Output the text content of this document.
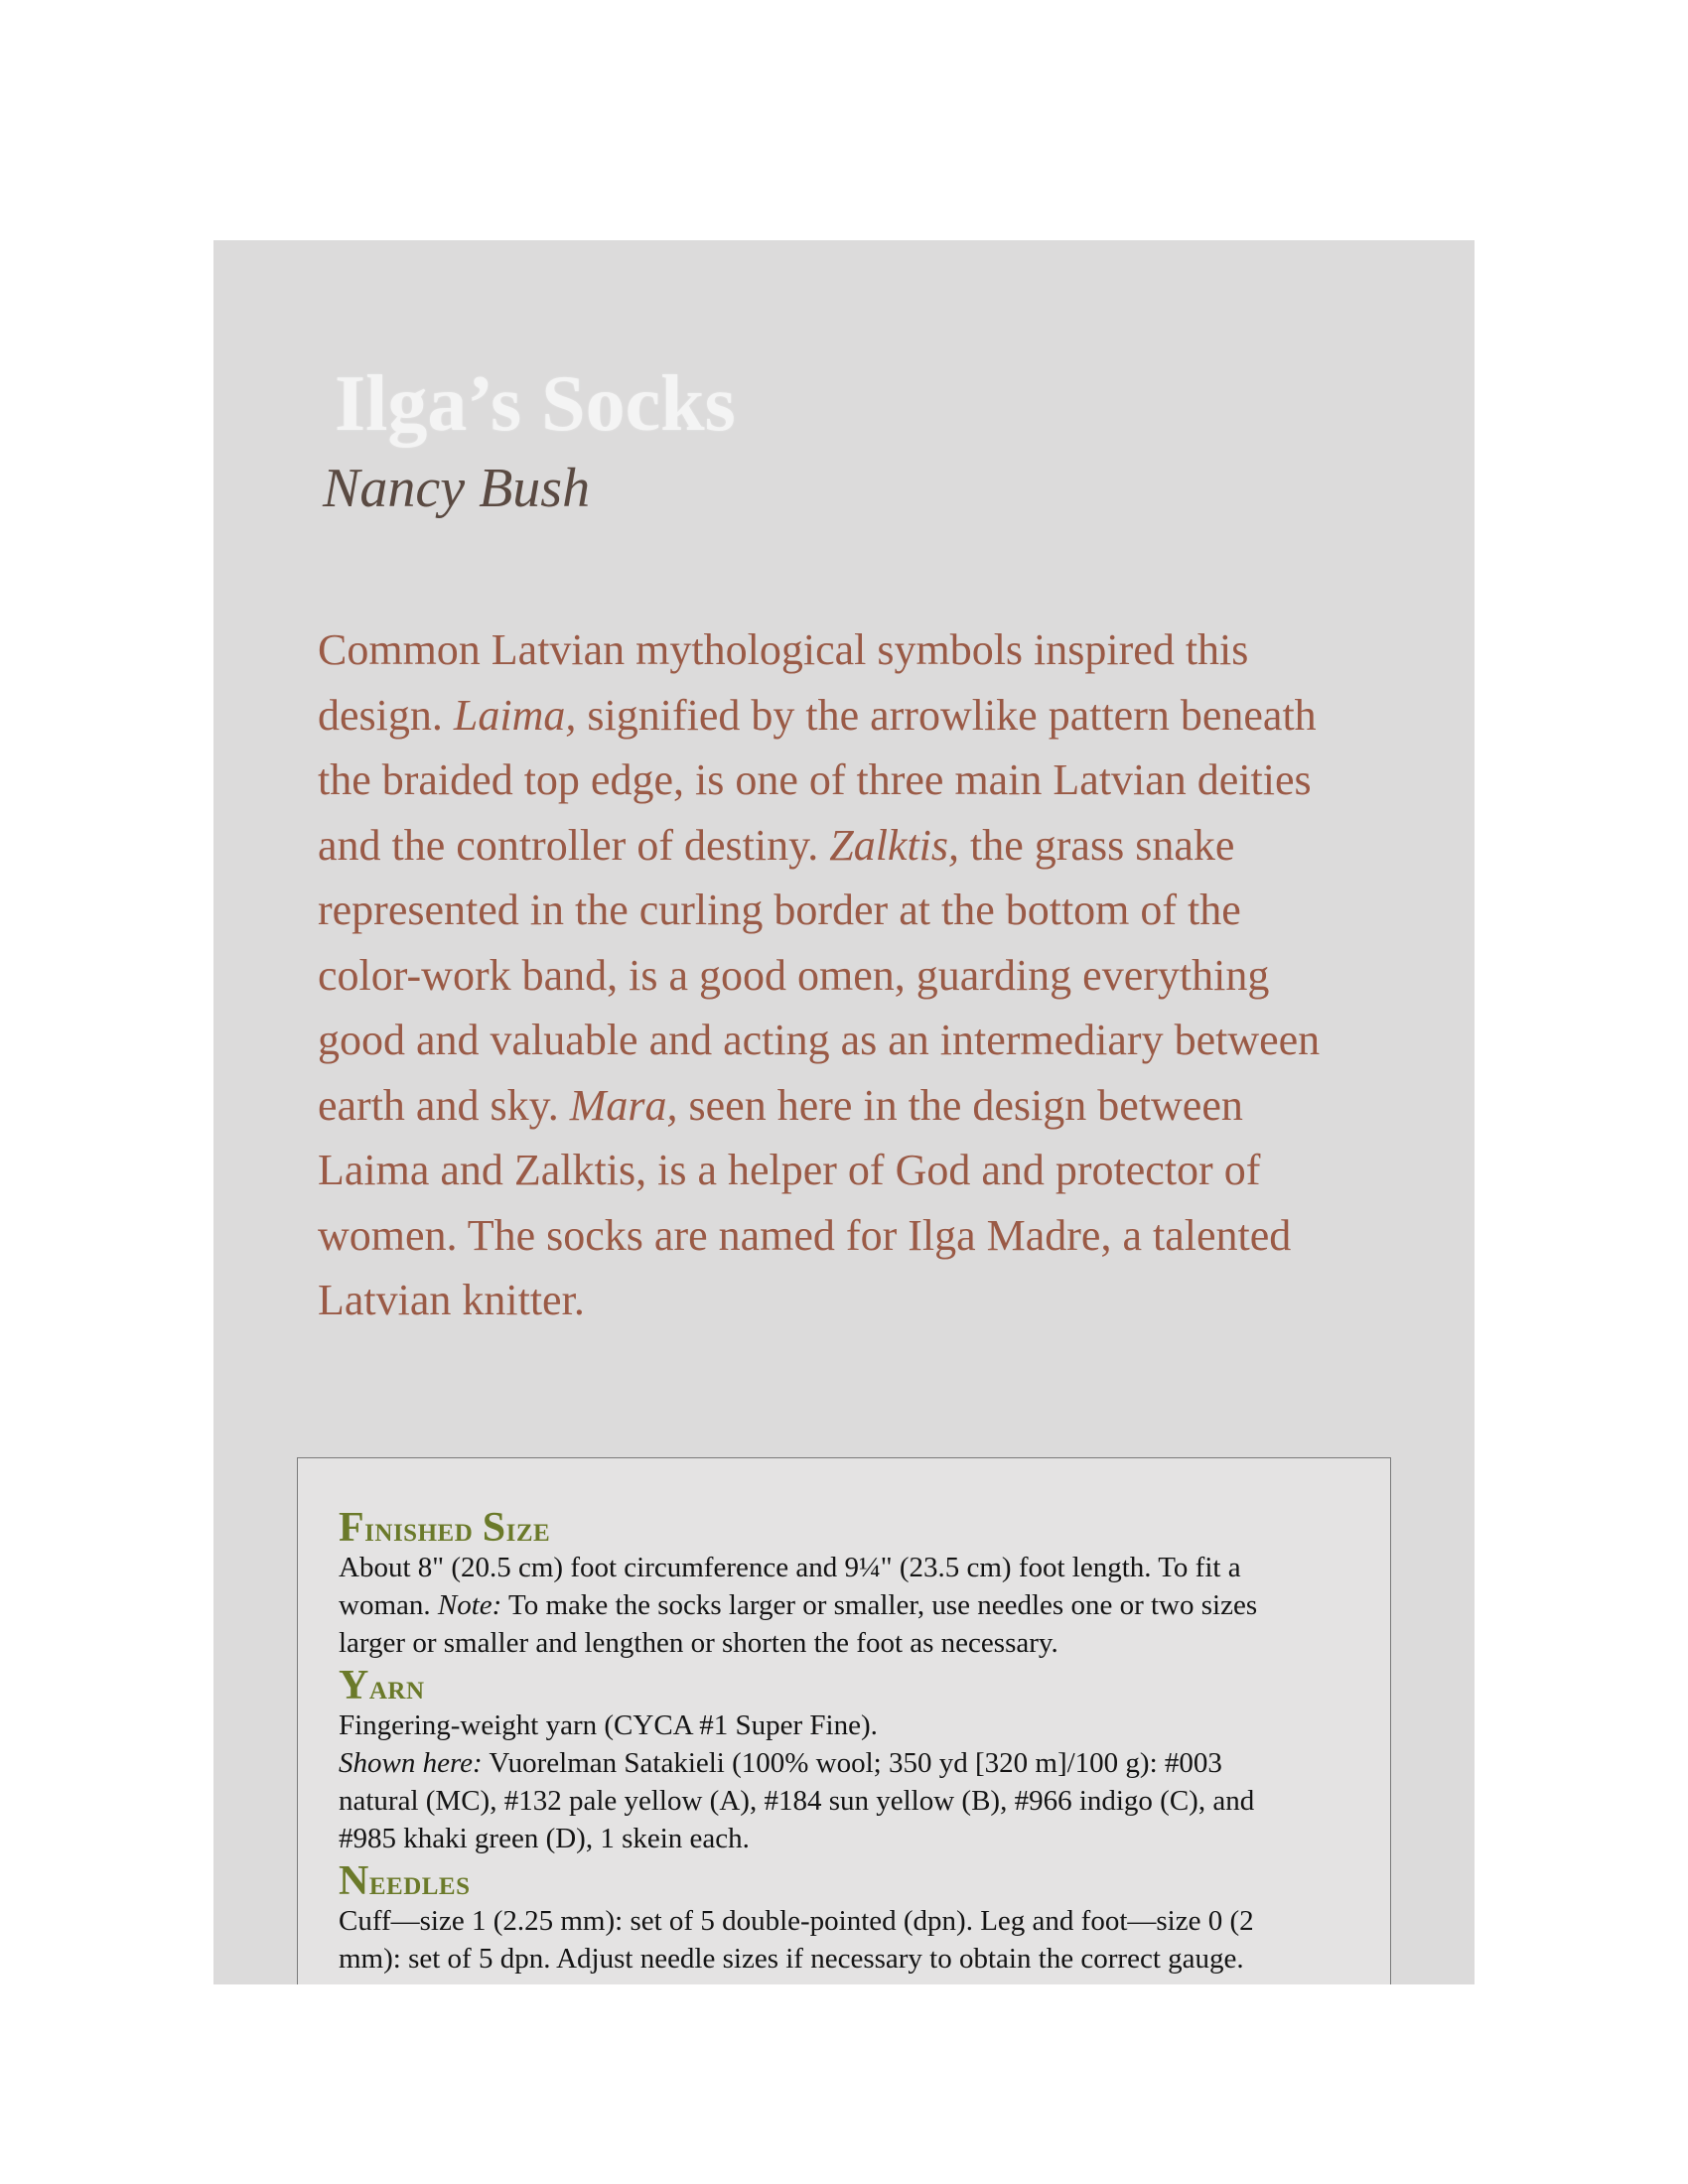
Ilga’s Socks
Nancy Bush
Common Latvian mythological symbols inspired this
design. Laima, signified by the arrowlike pattern beneath
the braided top edge, is one of three main Latvian deities
and the controller of destiny. Zalktis, the grass snake
represented in the curling border at the bottom of the
color-work band, is a good omen, guarding everything
good and valuable and acting as an intermediary between
earth and sky. Mara, seen here in the design between
Laima and Zalktis, is a helper of God and protector of
women. The socks are named for Ilga Madre, a talented
Latvian knitter.
Finished Size
About 8" (20.5 cm) foot circumference and 9¼" (23.5 cm) foot length. To fit a
woman. Note: To make the socks larger or smaller, use needles one or two sizes
larger or smaller and lengthen or shorten the foot as necessary.
Yarn
Fingering-weight yarn (CYCA #1 Super Fine).
Shown here: Vuorelman Satakieli (100% wool; 350 yd [320 m]/100 g): #003
natural (MC), #132 pale yellow (A), #184 sun yellow (B), #966 indigo (C), and
#985 khaki green (D), 1 skein each.
Needles
Cuff—size 1 (2.25 mm): set of 5 double-pointed (dpn). Leg and foot—size 0 (2
mm): set of 5 dpn. Adjust needle sizes if necessary to obtain the correct gauge.
